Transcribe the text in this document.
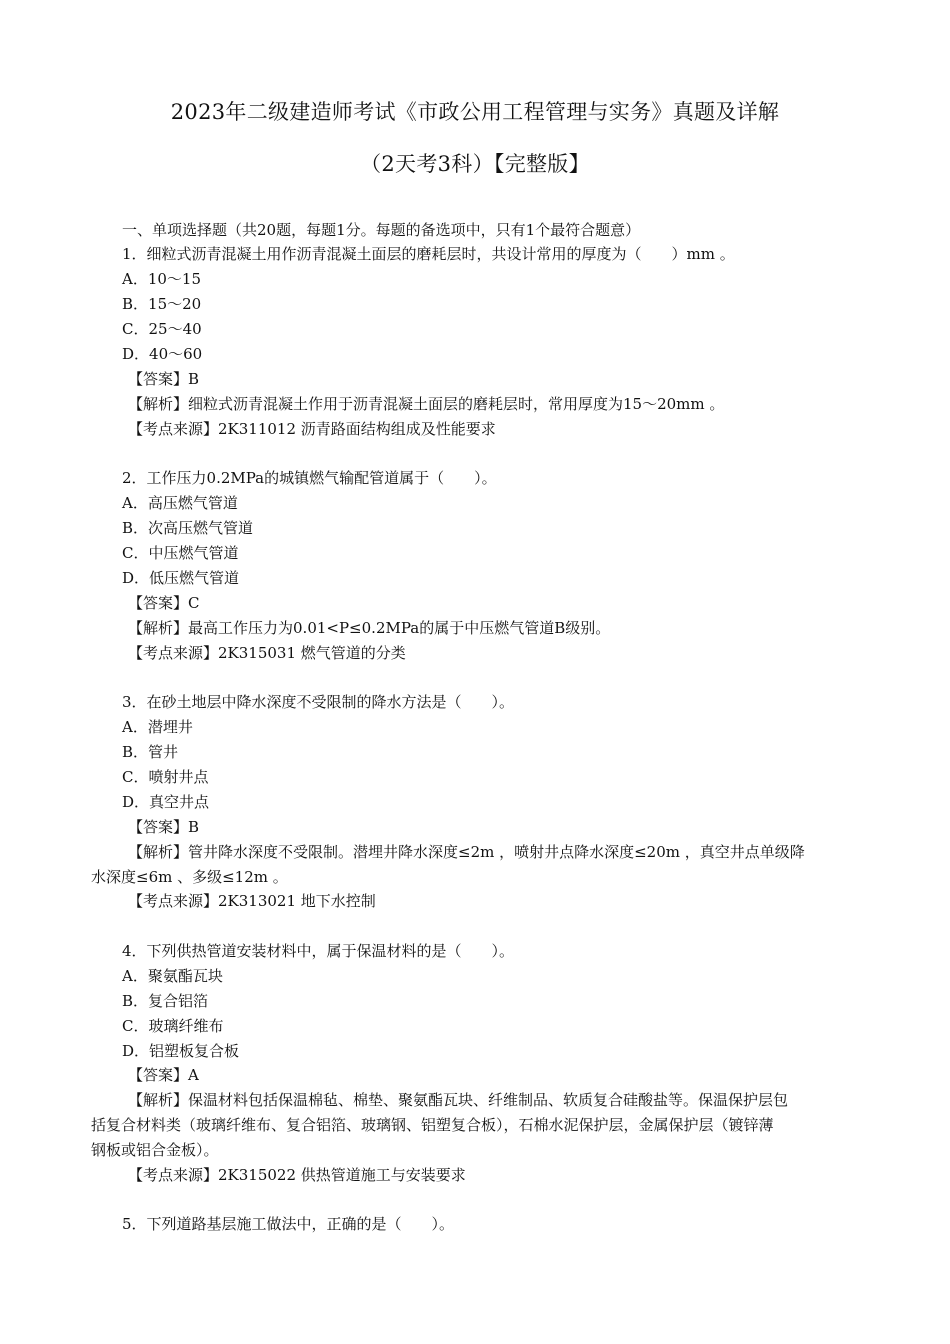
2023年二级建造师考试《市政公用工程管理与实务》真题及详解
（2天考3科）【完整版】
一、单项选择题（共20题，每题1分。每题的备选项中，只有1个最符合题意）
1．细粒式沥青混凝土用作沥青混凝土面层的磨耗层时，共设计常用的厚度为（　　）mm 。
A．10～15
B．15～20
C．25～40
D．40～60
【答案】B
【解析】细粒式沥青混凝土作用于沥青混凝土面层的磨耗层时，常用厚度为15～20mm 。
【考点来源】2K311012 沥青路面结构组成及性能要求
2．工作压力0.2MPa的城镇燃气输配管道属于（　　）。
A．高压燃气管道
B．次高压燃气管道
C．中压燃气管道
D．低压燃气管道
【答案】C
【解析】最高工作压力为0.01<P≤0.2MPa的属于中压燃气管道B级别。
【考点来源】2K315031 燃气管道的分类
3．在砂土地层中降水深度不受限制的降水方法是（　　）。
A．潜埋井
B．管井
C．喷射井点
D．真空井点
【答案】B
【解析】管井降水深度不受限制。潜埋井降水深度≤2m ，喷射井点降水深度≤20m ，真空井点单级降
水深度≤6m 、多级≤12m 。
【考点来源】2K313021 地下水控制
4．下列供热管道安装材料中，属于保温材料的是（　　）。
A．聚氨酯瓦块
B．复合铝箔
C．玻璃纤维布
D．铝塑板复合板
【答案】A
【解析】保温材料包括保温棉毡、棉垫、聚氨酯瓦块、纤维制品、软质复合硅酸盐等。保温保护层包
括复合材料类（玻璃纤维布、复合铝箔、玻璃钢、铝塑复合板），石棉水泥保护层，金属保护层（镀锌薄
钢板或铝合金板）。
【考点来源】2K315022 供热管道施工与安装要求
5．下列道路基层施工做法中，正确的是（　　）。
